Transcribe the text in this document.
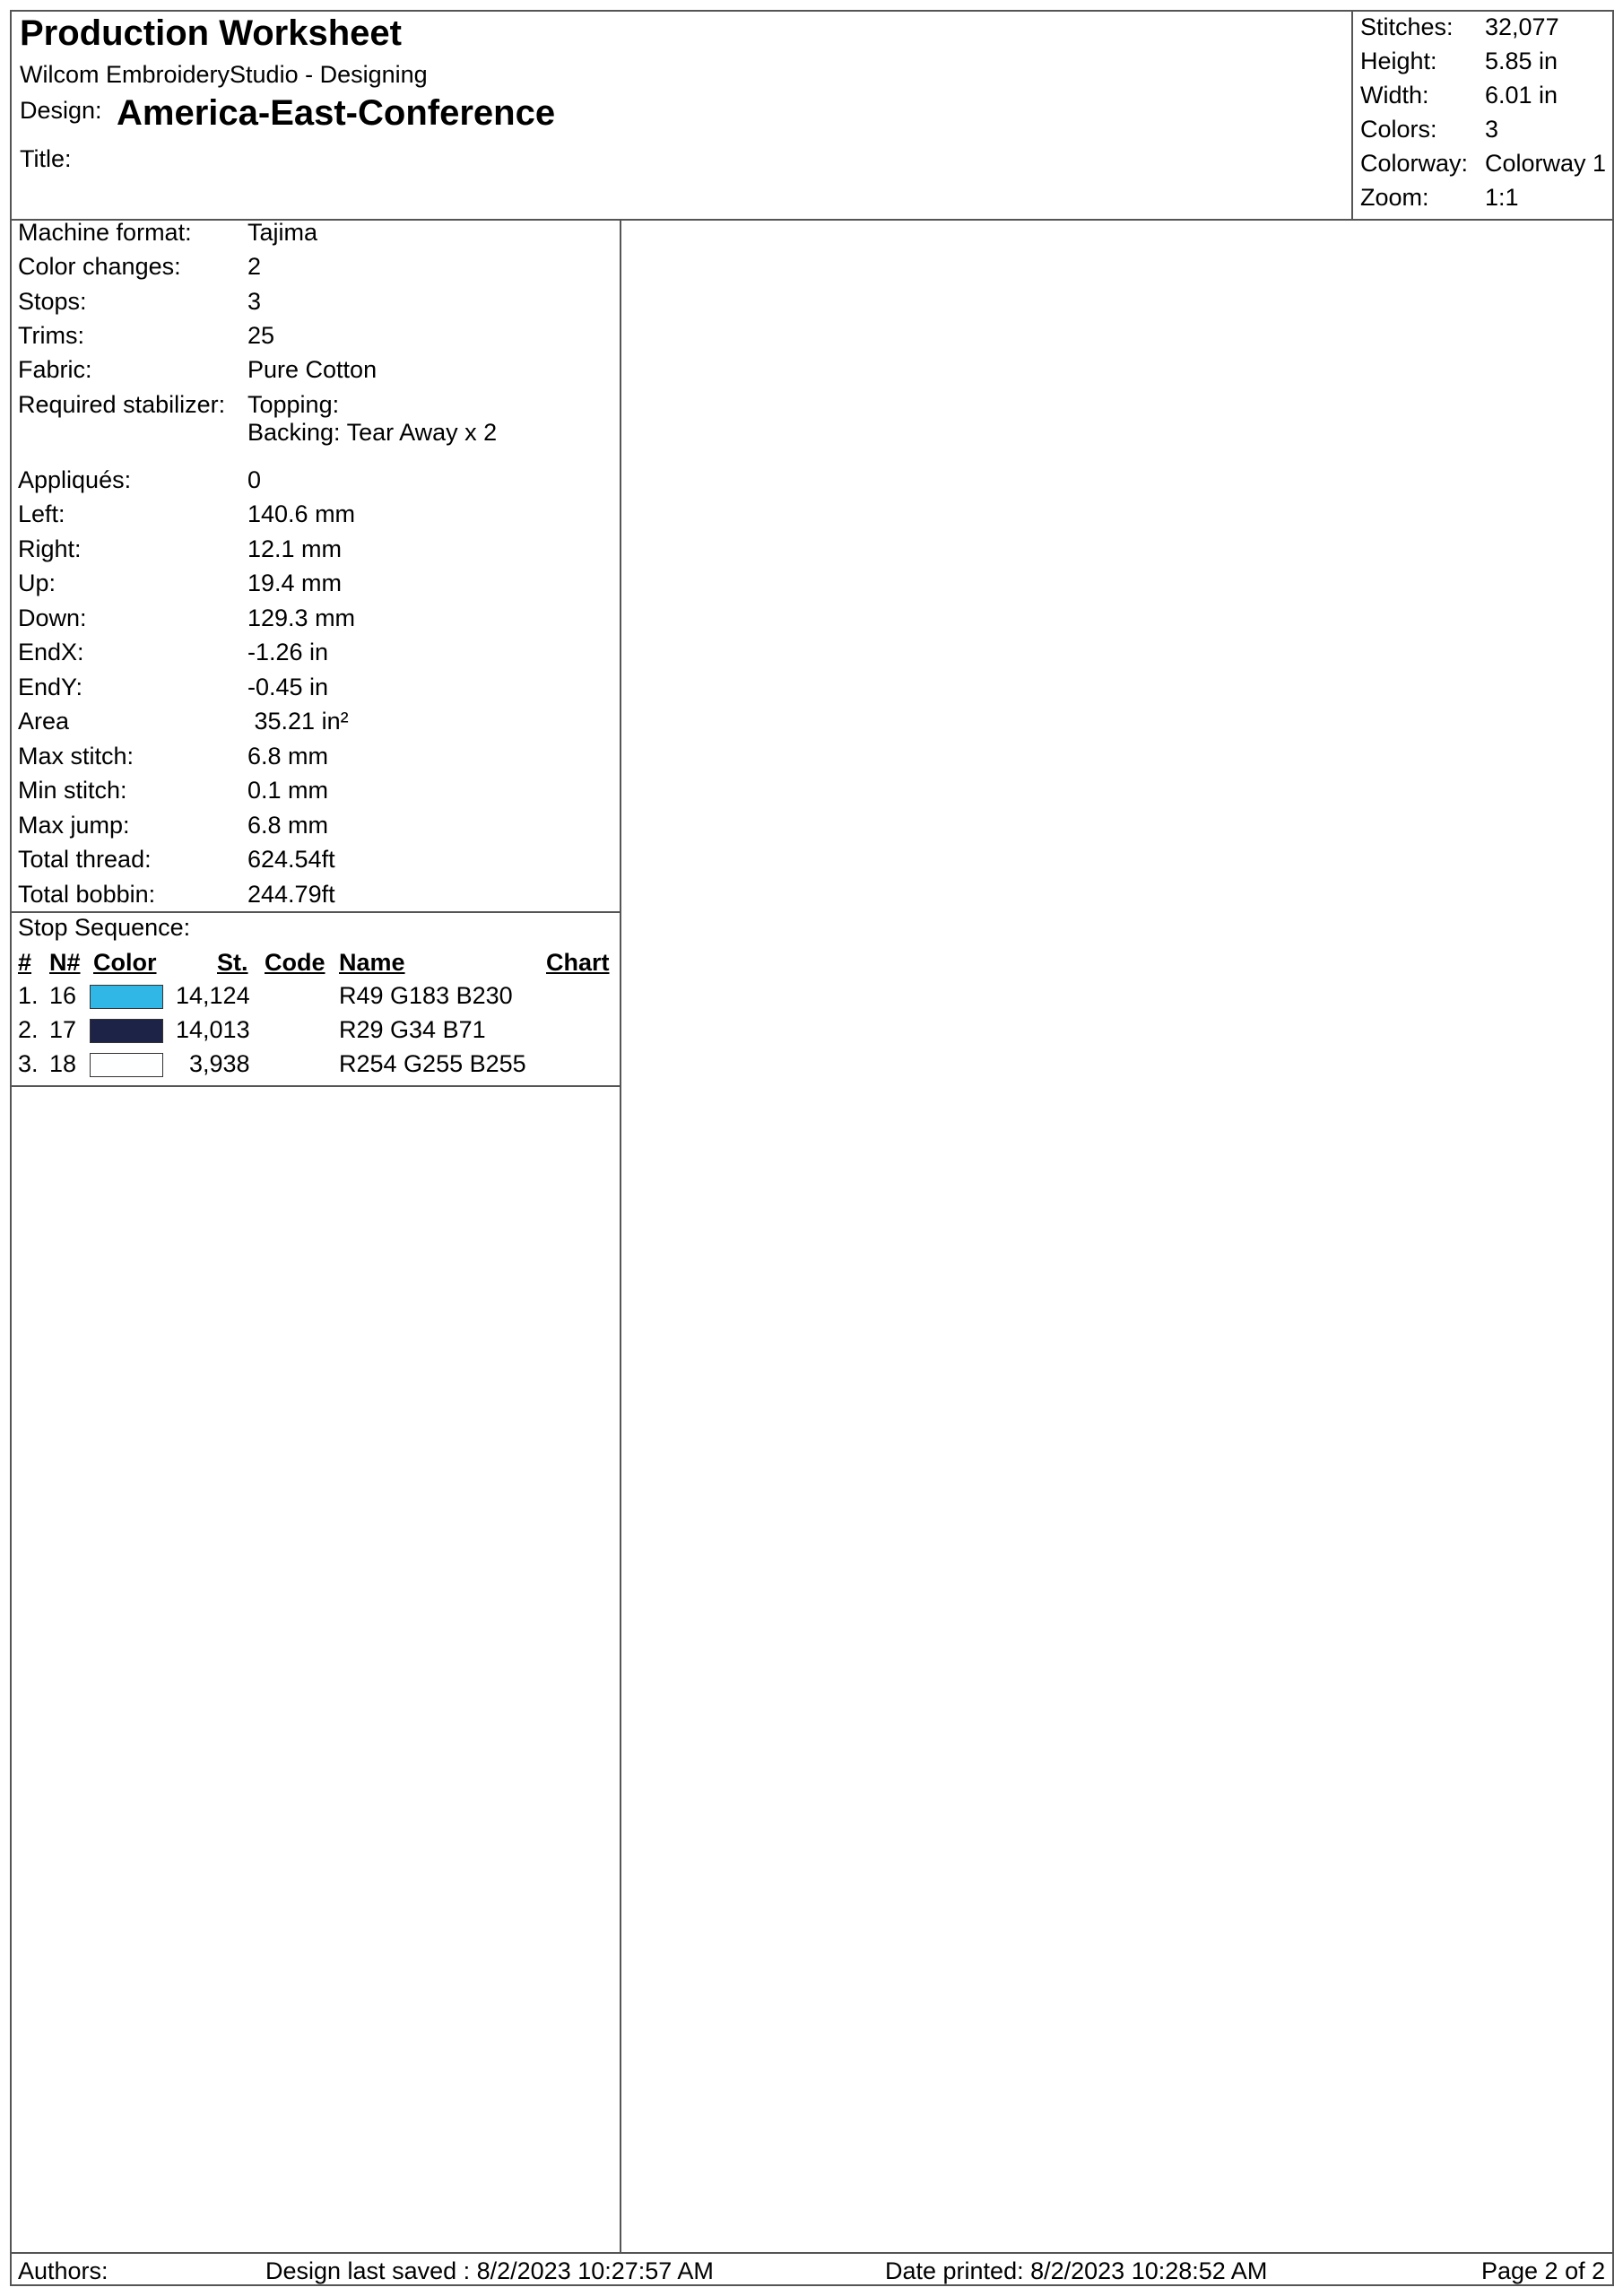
Production Worksheet
Wilcom EmbroideryStudio - Designing
Design: America-East-Conference
Title:
Stitches: 32,077
Height: 5.85 in
Width: 6.01 in
Colors: 3
Colorway: Colorway 1
Zoom: 1:1
Machine format: Tajima
Color changes:	2
Stops:	3
Trims:	25
Fabric:	Pure Cotton
Required stabilizer: Topping:
Backing: Tear Away x 2
Appliqués:	0
Left:	140.6 mm
Right:	12.1 mm
Up:	19.4 mm
Down:	129.3 mm
EndX:	-1.26 in
EndY:	-0.45 in
Area	35.21 in²
Max stitch:	6.8 mm
Min stitch:	0.1 mm
Max jump:	6.8 mm
Total thread:	624.54ft
Total bobbin:	244.79ft
Stop Sequence:
# N# Color	St. Code Name	Chart
1. 16	14,124	R49 G183 B230
2. 17	14,013	R29 G34 B71
3. 18	3,938	R254 G255 B255
Authors:	Design last saved : 8/2/2023 10:27:57 AM	Date printed: 8/2/2023 10:28:52 AM	Page 2 of 2
